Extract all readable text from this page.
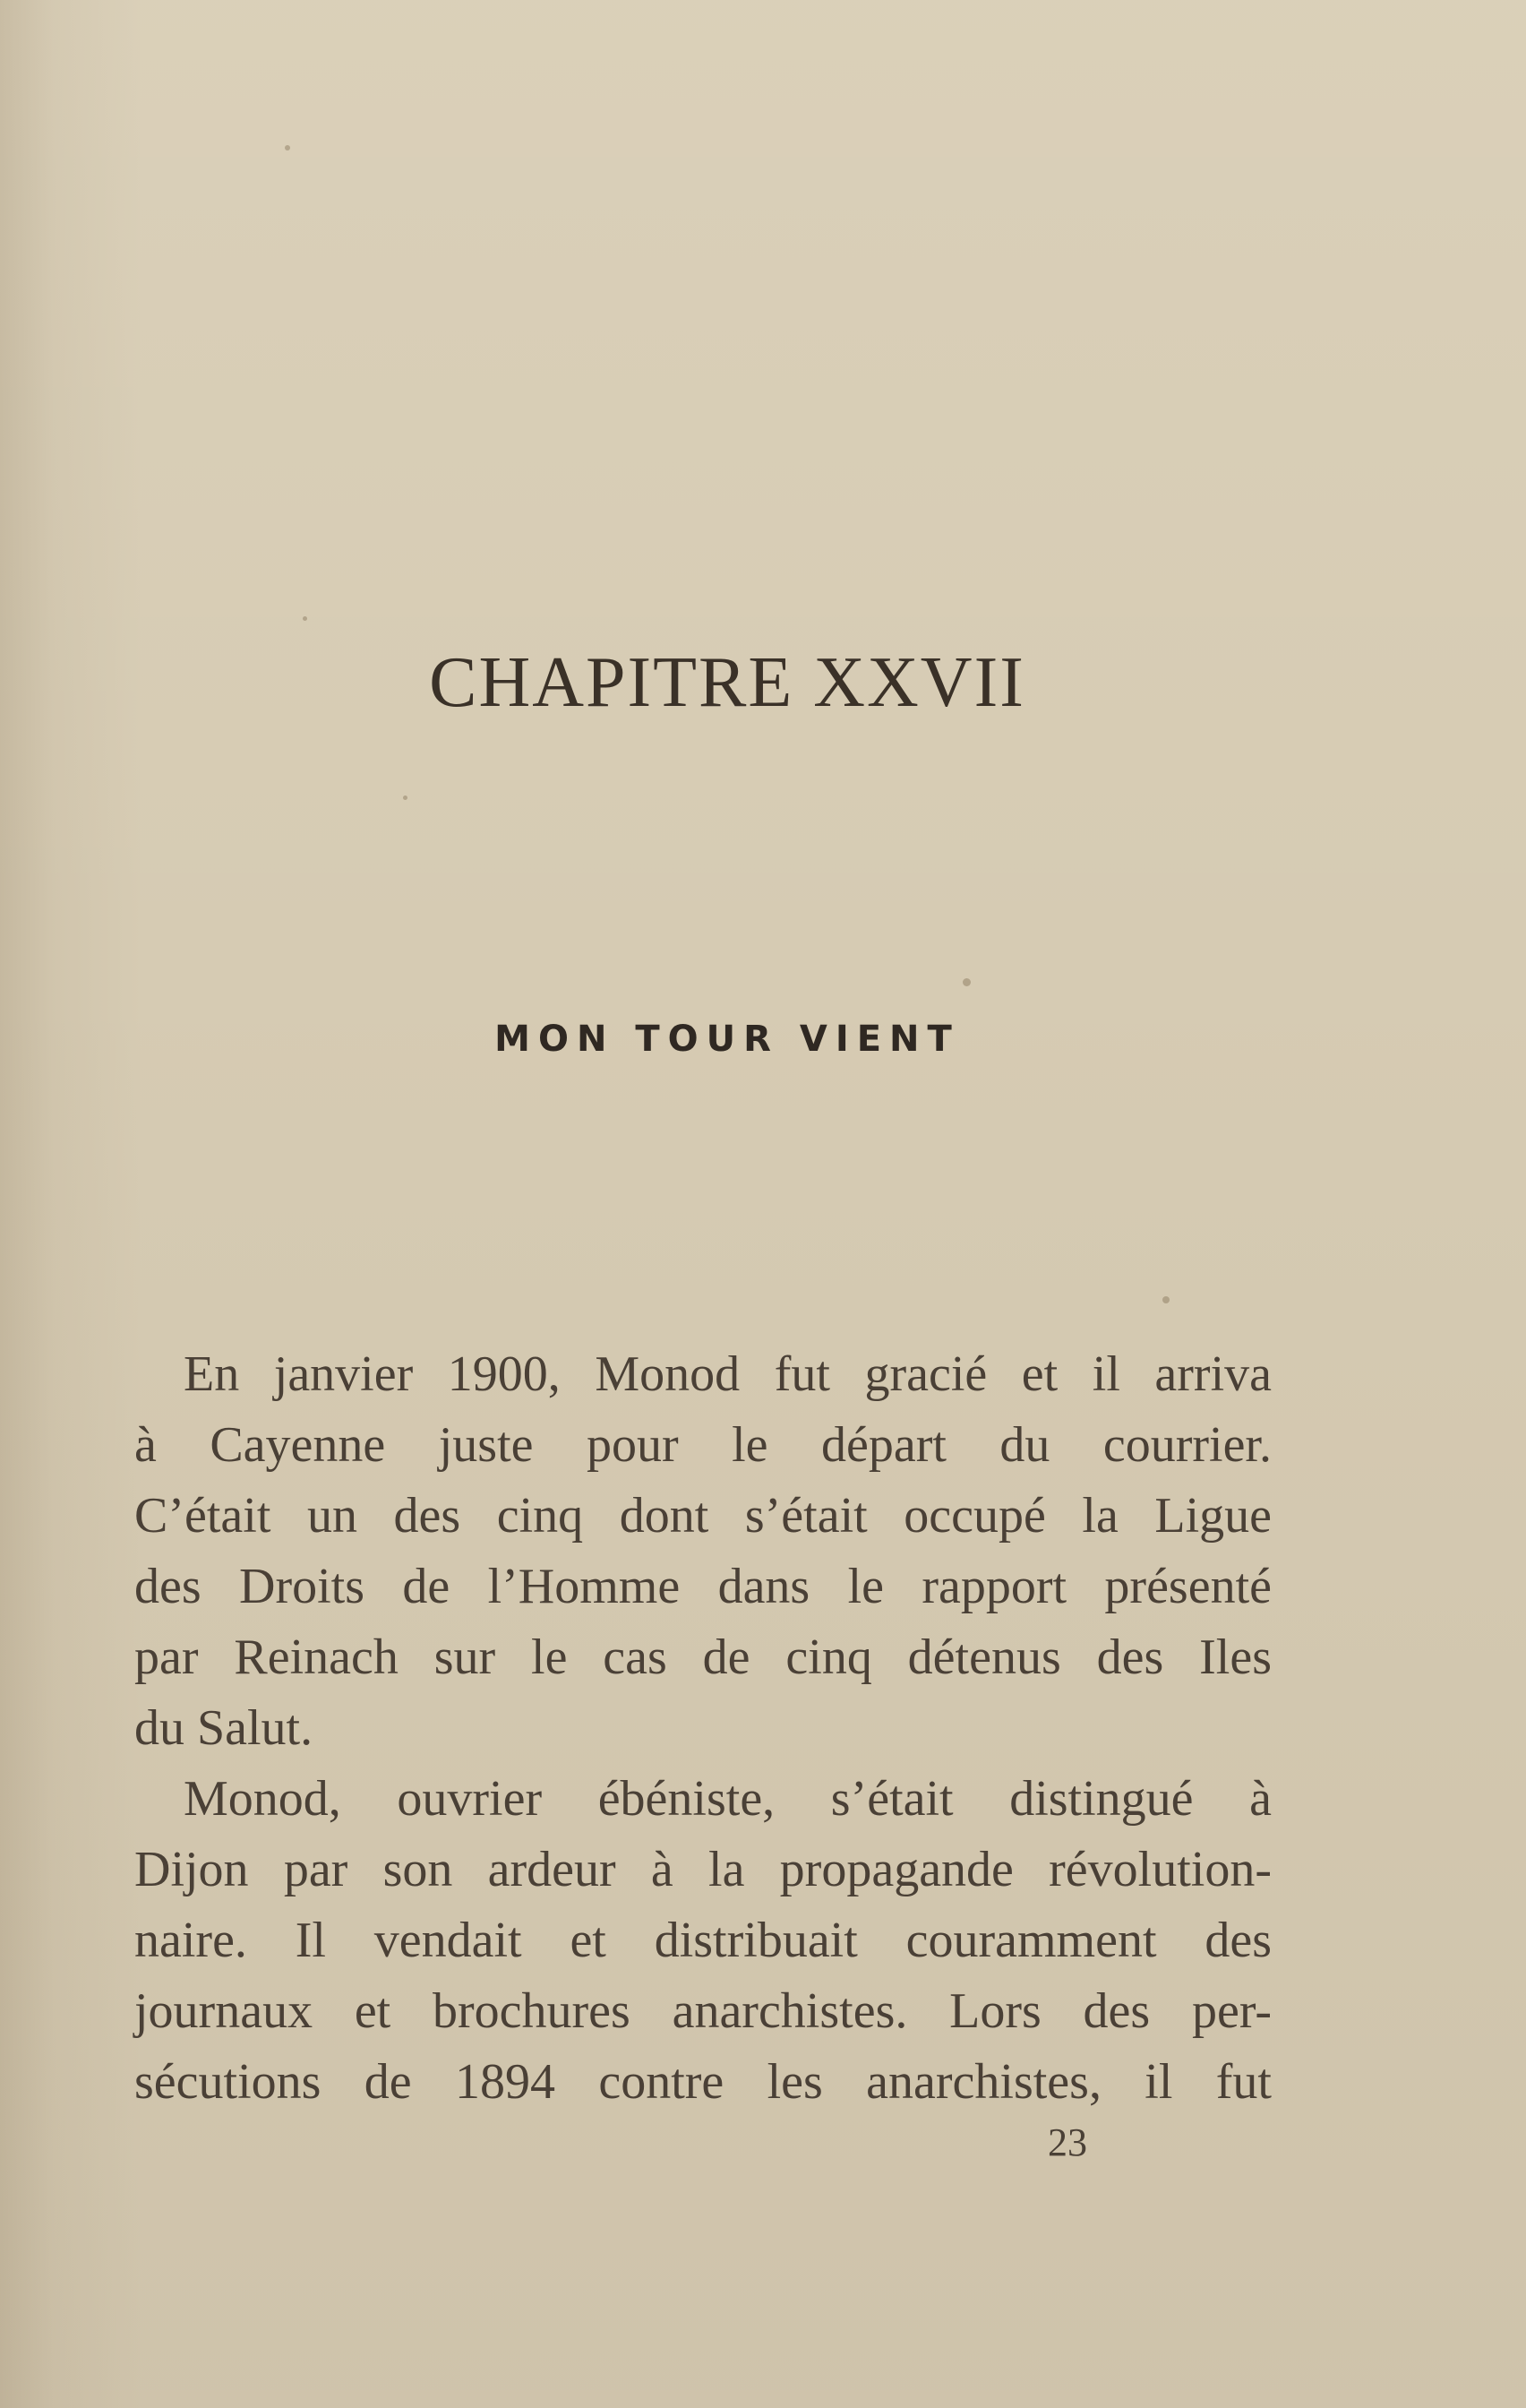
CHAPITRE XXVII
MON TOUR VIENT
En janvier 1900, Monod fut gracié et il arriva
à Cayenne juste pour le départ du courrier.
C’était un des cinq dont s’était occupé la Ligue
des Droits de l’Homme dans le rapport présenté
par Reinach sur le cas de cinq détenus des Iles
du Salut.
Monod, ouvrier ébéniste, s’était distingué à
Dijon par son ardeur à la propagande révolution-
naire. Il vendait et distribuait couramment des
journaux et brochures anarchistes. Lors des per-
sécutions de 1894 contre les anarchistes, il fut
23
